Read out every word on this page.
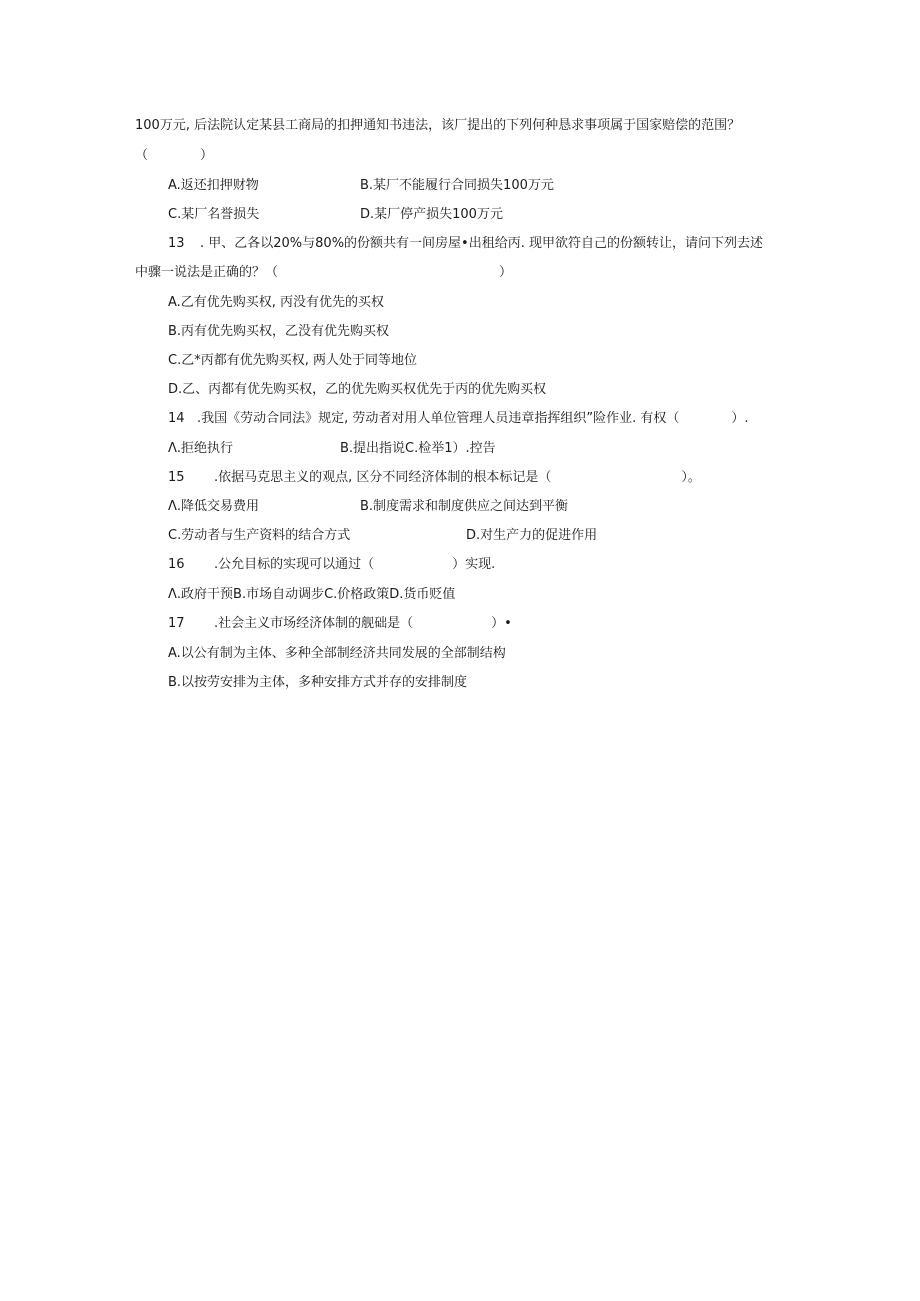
100万元, 后法院认定某县工商局的扣押通知书违法，该厂提出的下列何种恳求事项属于国家赔偿的范围？
（　　　　）
A.返还扣押财物	B.某厂不能履行合同损失100万元
C.某厂名誉损失	D.某厂停产损失100万元
13 . 甲、乙各以20%与80%的份额共有一间房屋•出租给丙. 现甲欲符自己的份额转让，请问下列去述
中骤一说法是正确的？（　　　　　　　　　　　　　　　　　）
A.乙有优先购买权, 丙没有优先的买权
B.丙有优先购买权，乙没有优先购买权
C.乙*丙都有优先购买权, 两人处于同等地位
D.乙、丙都有优先购买权，乙的优先购买权优先于丙的优先购买权
14 .我国《劳动合同法》规定, 劳动者对用人单位管理人员违章指挥组织”险作业. 有权（　　　　）.
Λ.拒绝执行	B.提出指说C.检举1）.控告
15 .依据马克思主义的观点, 区分不同经济体制的根本标记是（　　　　　　　　　　）。
Λ.降低交易费用	B.制度需求和制度供应之间达到平衡
C.劳动者与生产资料的结合方式	D.对生产力的促进作用
16 .公允目标的实现可以通过（　　　　　　）实现.
Λ.政府干预B.市场自动调步C.价格政策D.货币贬值
17 .社会主义市场经济体制的舰础是（　　　　　　）•
A.以公有制为主体、多种全部制经济共同发展的全部制结构
B.以按劳安排为主体，多种安排方式并存的安排制度
